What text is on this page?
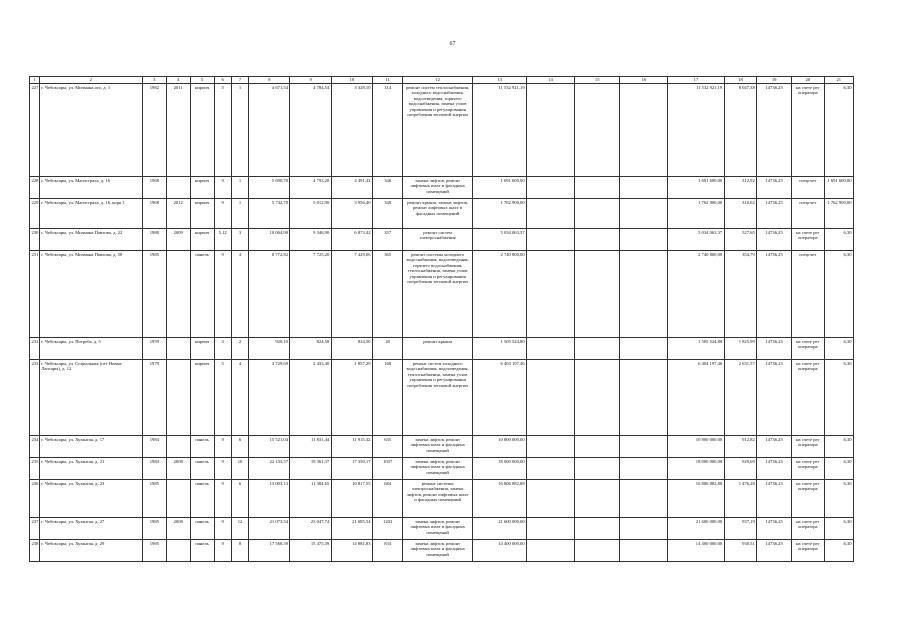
67
1	2	3	4	5	6	7	8	9	10	11	12	13	14	15	16	17	18	19	20	21
227	г. Чебоксары, ул. Мичмана.ого, д. 1	1982	2011	кирпич	5	1	4 671,54	4 784,54	3 328,10	314	ремонт систем теплоснабжения, холодного водоснабжения, водоотведения, горячего водоснабжения, замена узлов управления и регулирования потребления тепловой энергии	11 532 921,19				11 532 921,19	8 047,38	14736,25	на счете рег оператора	6,30
228	г. Чебоксары, ул. Магистрала, д. 16	1968		кирпич	9	1	5 690,70	4 793,20	4 491,42	346	замена лифтов, ремонт лифтовых шахт и фасадных помещений	1 691 600,00				1 691 600,00	312,92	14736,25	спецсчет	1 691 600,00
229	г. Чебоксары, ул. Магистрала, д. 16, корп 1	1968	2012	кирпич	9	1	5 742,70	5 012,90	3 956,40	349	ремонт крыши, замена лифтов, ремонт лифтовых шахт и фасадных помещений	1 762 900,00				1 762 900,00	310,62	14736,25	спецсчет	1 762 900,00
230	г. Чебоксары, ул. Мичмана Павлова, д. 22	1988	2009	кирпич	5,12	3	10 064,90	9 346,90	6 873,42	357	ремонт систем электроснабжения	5 034 063,37				5 034 063,37	527,65	14736,25	на счете рег оператора	6,30
231	г. Чебоксары, ул. Мичмана Павлова, д. 58	1985		панель	9	4	8 772,82	7 725,20	7 429,06	365	ремонт системы холодного водоснабжения, водоотведения, горячего водоснабжения, теплоснабжения, замена узлов управления и регулирования потребления тепловой энергии	2 740 800,00				2 740 800,00	354,79	14736,25	спецсчет	6,30
232	г. Чебоксары, ул. Потреба, д. 5	1959		кирпич	3	2	920,10	824,50	824,50	20	ремонт крыши	1 505 524,80				1 505 524,80	1 825,99	14736,25	на счете рег оператора	6,30
233	г. Чебоксары, ул. Социальная (пгт Новые Лапсары), д. 12	1979		кирпич	5	4	3 729,69	2 433,40	1 857,29	168	ремонт систем холодного водоснабжения, водоотведения, теплоснабжения, замена узлов управления и регулирования потребления тепловой энергии	6 404 197,46				6 404 197,46	2 631,57	14736,25	на счете рег оператора	6,30
234	г. Чебоксары, ул. Хузангая, д. 17	1984		панель	9	6	15 521,04	11 831,44	11 915,32	635	замена лифтов, ремонт лифтовых шахт и фасадных помещений	10 800 000,00				10 800 000,00	912,82	14736,25	на счете рег оператора	6,30
235	г. Чебоксары, ул. Хузангая, д. 21	1984	2008	панель	9	10	22 133,57	19 361,37	17 350,17	1037	замена лифтов, ремонт лифтовых шахт и фасадных помещений	18 000 000,00				18 000 000,00	929,69	14736,25	на счете рег оператора	6,30
236	г. Чебоксары, ул. Хузангая, д. 23	1985		панель	9	6	13 003,13	11 384,65	10 817,55	684	ремонт системы электроснабжения, замена лифтов, ремонт лифтовых шахт и фасадных помещений	16 806 882,88				16 806 882,88	1 476,28	14736,25	на счете рег оператора	6,30
237	г. Чебоксары, ул. Хузангая, д. 27	1985	2008	панель	9	12	21 073,54	23 047,74	21 685,54	1203	замена лифтов, ремонт лифтовых шахт и фасадных помещений	21 600 000,00				21 600 000,00	937,19	14736,25	на счете рег оператора	6,30
238	г. Чебоксары, ул. Хузангая, д. 29	1985		панель	9	8	17 568,39	15 475,39	14 881,83	834	замена лифтов, ремонт лифтовых шахт и фасадных помещений	14 400 000,00				14 400 000,00	930,51	14736,25	на счете рег оператора	6,30
